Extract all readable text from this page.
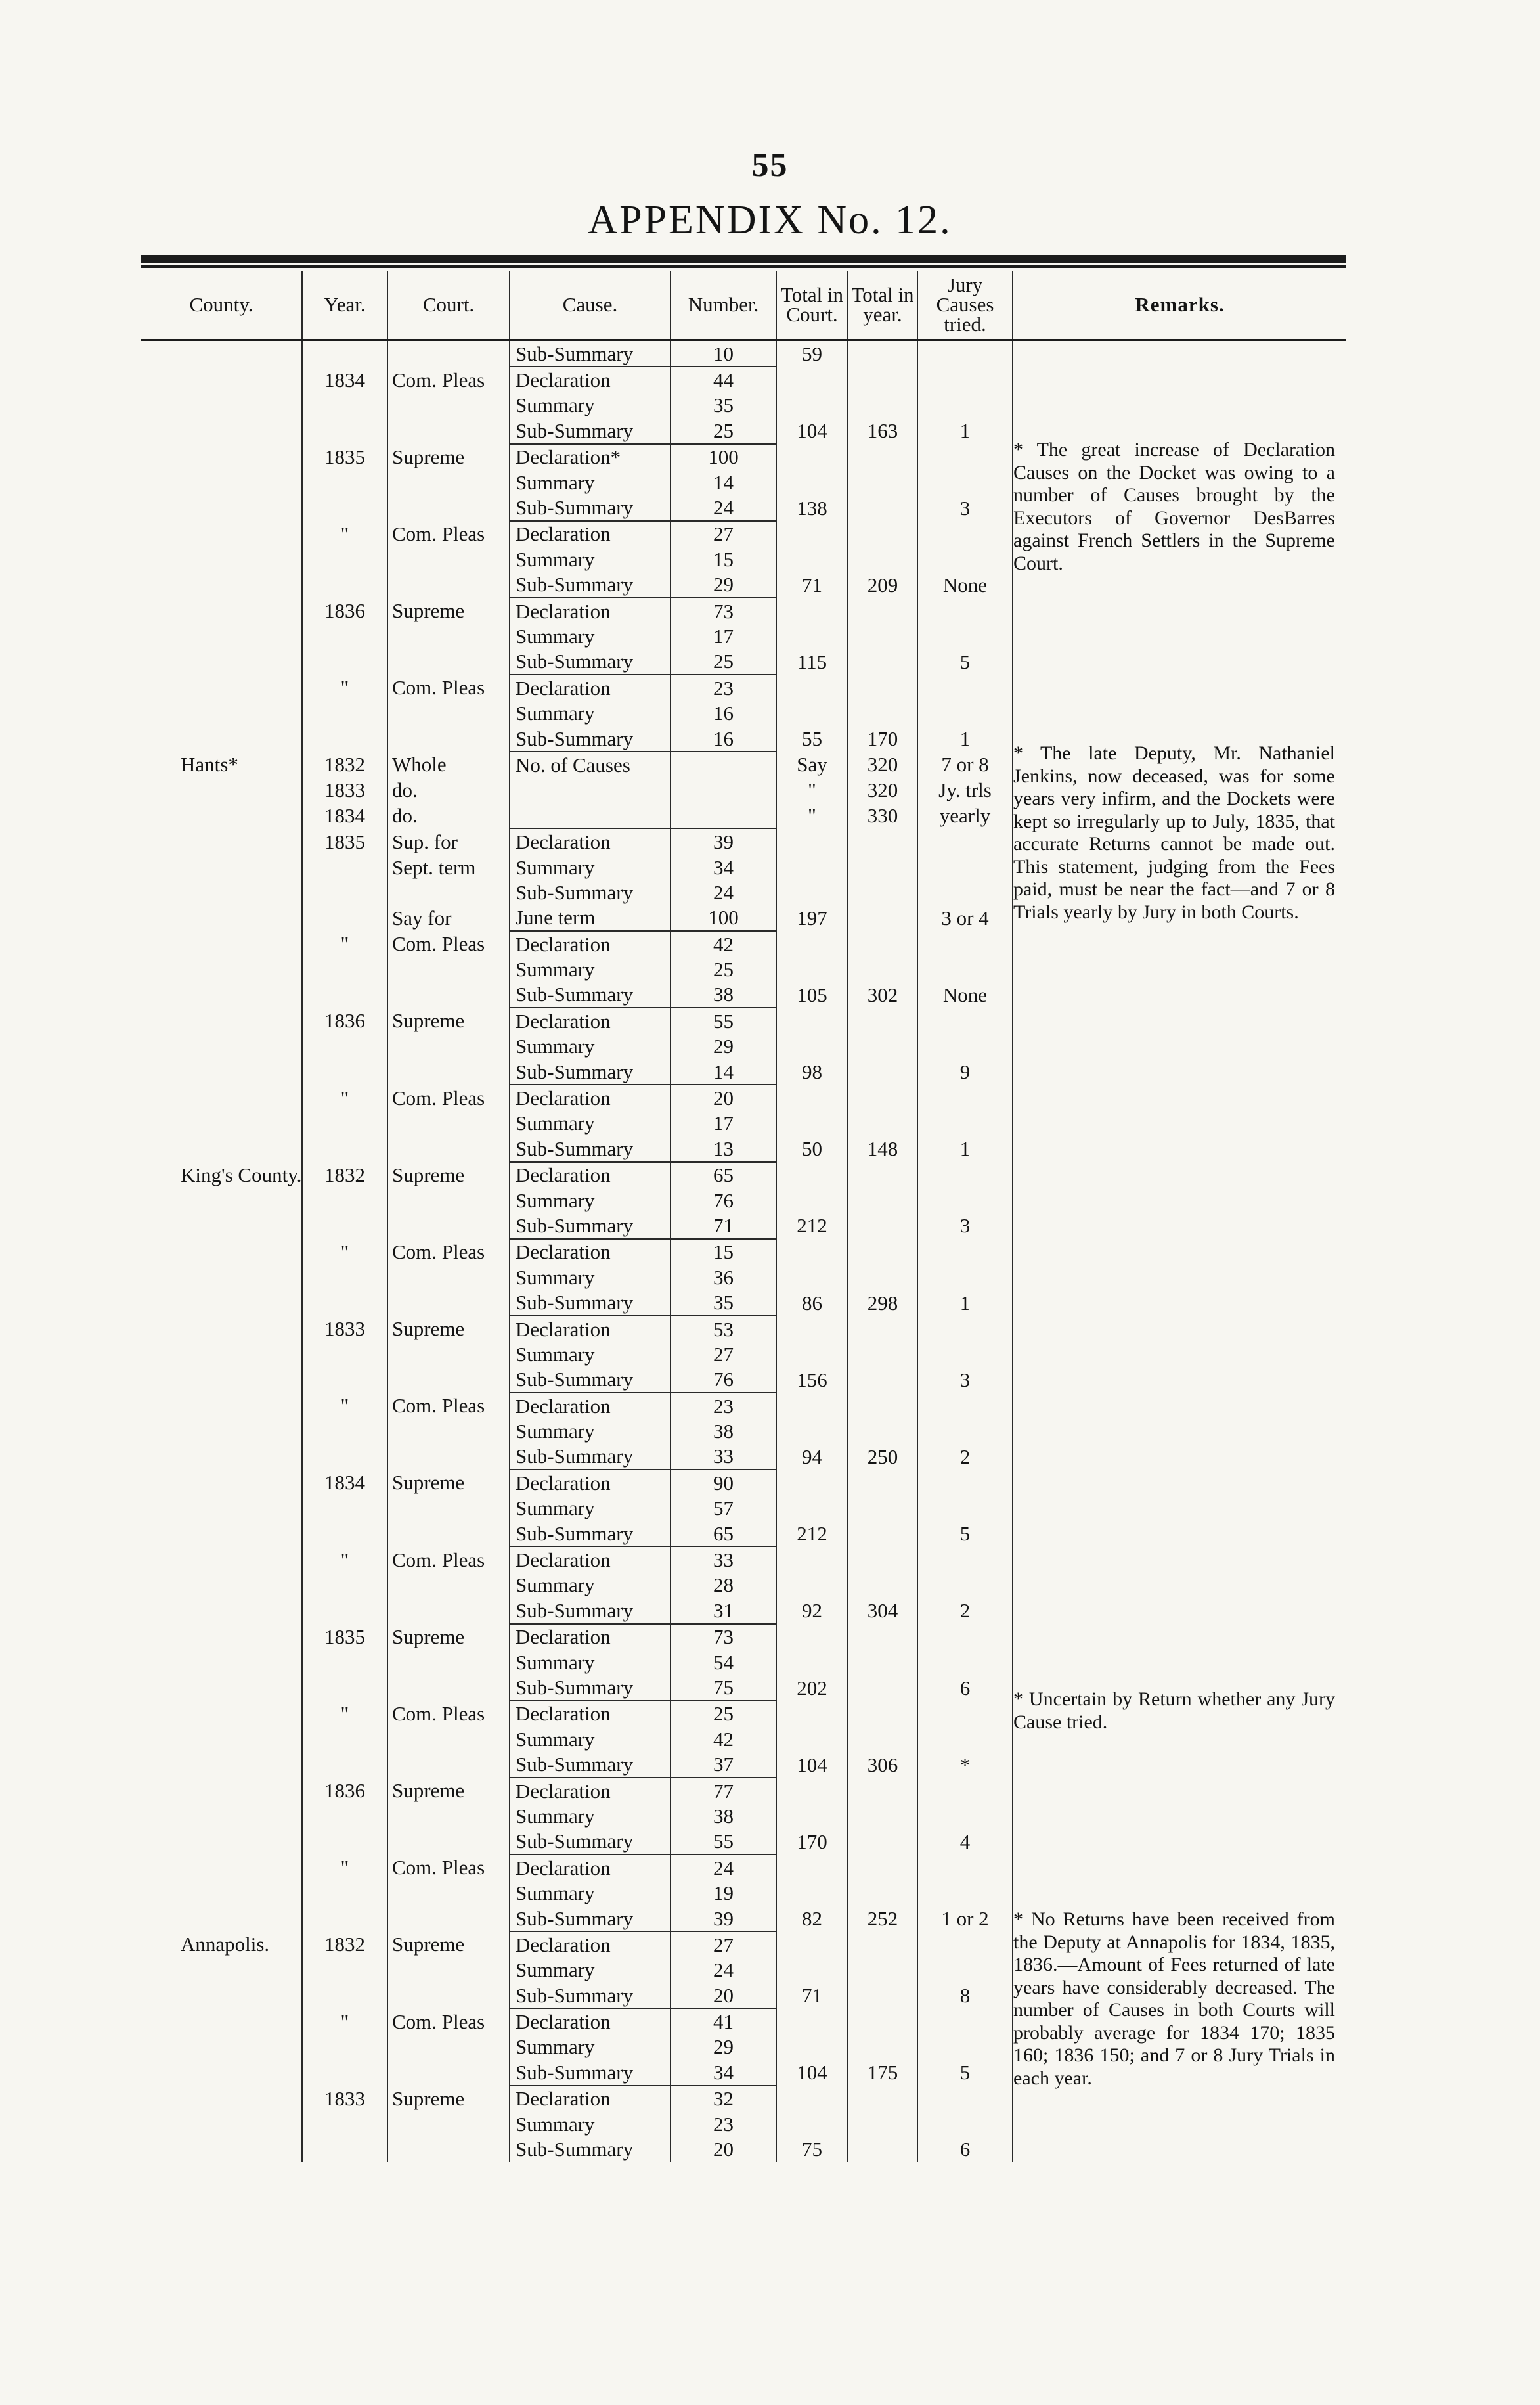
55
APPENDIX No. 12.
County.	Year.	Court.	Cause.	Number.	Total in Court.	Total in year.	Jury Causes tried.	Remarks.
			Sub-Summary	10	59			
	1834	Com. Pleas	Declaration	44				
			Summary	35				
			Sub-Summary	25	104	163	1	
	1835	Supreme	Declaration*	100				
			Summary	14				
			Sub-Summary	24	138		3	
	"	Com. Pleas	Declaration	27				
			Summary	15				
			Sub-Summary	29	71	209	None	
	1836	Supreme	Declaration	73				
			Summary	17				
			Sub-Summary	25	115		5	
	"	Com. Pleas	Declaration	23				
			Summary	16				
			Sub-Summary	16	55	170	1	
Hants*	1832	Whole	No. of Causes		Say	320	7 or 8	
	1833	do.			"	320	Jy. trls	
	1834	do.			"	330	yearly	
	1835	Sup. for	Declaration	39				
		Sept. term	Summary	34				
			Sub-Summary	24				
		Say for	June term	100	197		3 or 4	
	"	Com. Pleas	Declaration	42				
			Summary	25				
			Sub-Summary	38	105	302	None	
	1836	Supreme	Declaration	55				
			Summary	29				
			Sub-Summary	14	98		9	
	"	Com. Pleas	Declaration	20				
			Summary	17				
			Sub-Summary	13	50	148	1	
King's County.	1832	Supreme	Declaration	65				
			Summary	76				
			Sub-Summary	71	212		3	
	"	Com. Pleas	Declaration	15				
			Summary	36				
			Sub-Summary	35	86	298	1	
	1833	Supreme	Declaration	53				
			Summary	27				
			Sub-Summary	76	156		3	
	"	Com. Pleas	Declaration	23				
			Summary	38				
			Sub-Summary	33	94	250	2	
	1834	Supreme	Declaration	90				
			Summary	57				
			Sub-Summary	65	212		5	
	"	Com. Pleas	Declaration	33				
			Summary	28				
			Sub-Summary	31	92	304	2	
	1835	Supreme	Declaration	73				
			Summary	54				
			Sub-Summary	75	202		6	
	"	Com. Pleas	Declaration	25				
			Summary	42				
			Sub-Summary	37	104	306	*	
	1836	Supreme	Declaration	77				
			Summary	38				
			Sub-Summary	55	170		4	
	"	Com. Pleas	Declaration	24				
			Summary	19				
			Sub-Summary	39	82	252	1 or 2	
Annapolis.	1832	Supreme	Declaration	27				
			Summary	24				
			Sub-Summary	20	71		8	
	"	Com. Pleas	Declaration	41				
			Summary	29				
			Sub-Summary	34	104	175	5	
	1833	Supreme	Declaration	32				
			Summary	23				
			Sub-Summary	20	75		6	
* The great increase of Declaration Causes on the Docket was owing to a number of Causes brought by the Executors of Governor DesBarres against French Settlers in the Supreme Court.
* The late Deputy, Mr. Nathaniel Jenkins, now deceased, was for some years very infirm, and the Dockets were kept so irregularly up to July, 1835, that accurate Returns cannot be made out. This statement, judging from the Fees paid, must be near the fact—and 7 or 8 Trials yearly by Jury in both Courts.
* Uncertain by Return whether any Jury Cause tried.
* No Returns have been received from the Deputy at Annapolis for 1834, 1835, 1836.—Amount of Fees returned of late years have considerably decreased. The number of Causes in both Courts will probably average for 1834 170; 1835 160; 1836 150; and 7 or 8 Jury Trials in each year.
